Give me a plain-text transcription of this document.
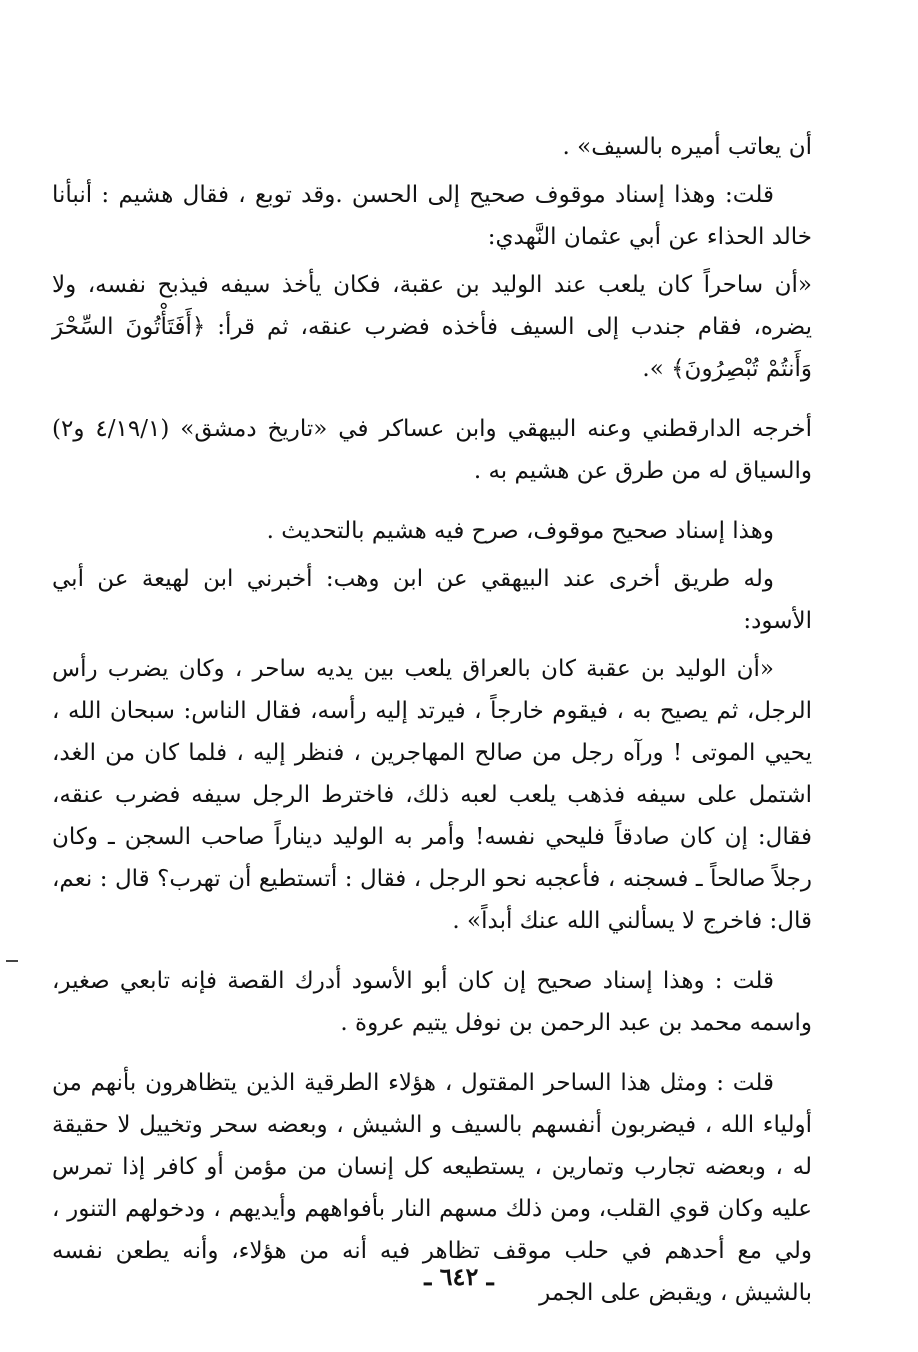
أن يعاتب أميره بالسيف» .

قلت: وهذا إسناد موقوف صحيح إلى الحسن .وقد توبع ، فقال هشيم : أنبأنا خالد الحذاء عن أبي عثمان النَّهدي:

«أن ساحراً كان يلعب عند الوليد بن عقبة، فكان يأخذ سيفه فيذبح نفسه، ولا يضره، فقام جندب إلى السيف فأخذه فضرب عنقه، ثم قرأ: ﴿أَفَتَأْتُونَ السِّحْرَ وَأَنتُمْ تُبْصِرُونَ﴾ ».

أخرجه الدارقطني وعنه البيهقي وابن عساكر في «تاريخ دمشق» (٤/١٩/١ و٢) والسياق له من طرق عن هشيم به .

وهذا إسناد صحيح موقوف، صرح فيه هشيم بالتحديث .

وله طريق أخرى عند البيهقي عن ابن وهب: أخبرني ابن لهيعة عن أبي الأسود:

«أن الوليد بن عقبة كان بالعراق يلعب بين يديه ساحر ، وكان يضرب رأس الرجل، ثم يصيح به ، فيقوم خارجاً ، فيرتد إليه رأسه، فقال الناس: سبحان الله ، يحيي الموتى ! ورآه رجل من صالح المهاجرين ، فنظر إليه ، فلما كان من الغد، اشتمل على سيفه فذهب يلعب لعبه ذلك، فاخترط الرجل سيفه فضرب عنقه، فقال: إن كان صادقاً فليحي نفسه! وأمر به الوليد ديناراً صاحب السجن ـ وكان رجلاً صالحاً ـ فسجنه ، فأعجبه نحو الرجل ، فقال : أتستطيع أن تهرب؟ قال : نعم، قال: فاخرج لا يسألني الله عنك أبداً» .

قلت : وهذا إسناد صحيح إن كان أبو الأسود أدرك القصة فإنه تابعي صغير، واسمه محمد بن عبد الرحمن بن نوفل يتيم عروة .

قلت : ومثل هذا الساحر المقتول ، هؤلاء الطرقية الذين يتظاهرون بأنهم من أولياء الله ، فيضربون أنفسهم بالسيف و الشيش ، وبعضه سحر وتخييل لا حقيقة له ، وبعضه تجارب وتمارين ، يستطيعه كل إنسان من مؤمن أو كافر إذا تمرس عليه وكان قوي القلب، ومن ذلك مسهم النار بأفواههم وأيديهم ، ودخولهم التنور ، ولي مع أحدهم في حلب موقف تظاهر فيه أنه من هؤلاء، وأنه يطعن نفسه بالشيش ، ويقبض على الجمر

ـ ٦٤٢ ـ
